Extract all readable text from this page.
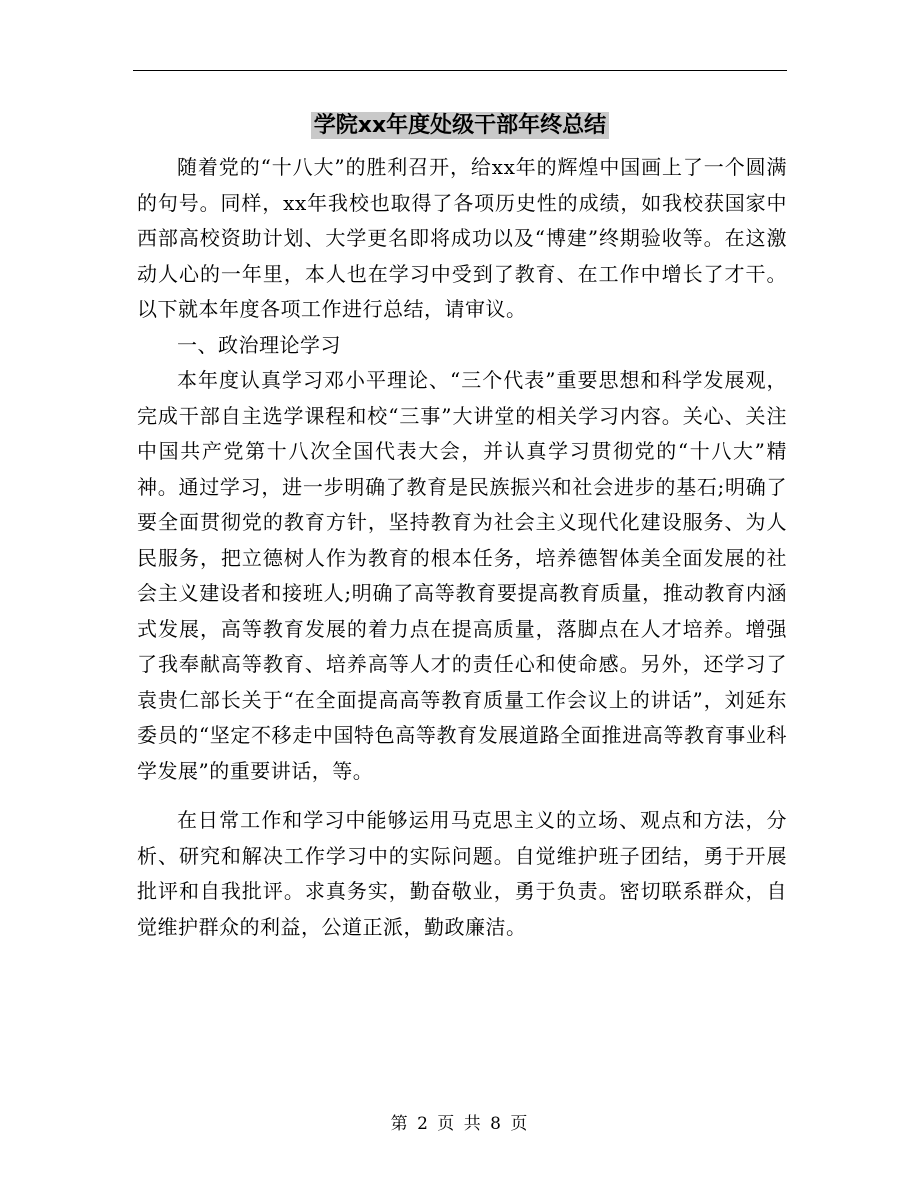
学院xx年度处级干部年终总结

随着党的“十八大”的胜利召开，给xx年的辉煌中国画上了一个圆满的句号。同样，xx年我校也取得了各项历史性的成绩，如我校获国家中西部高校资助计划、大学更名即将成功以及“博建”终期验收等。在这激动人心的一年里，本人也在学习中受到了教育、在工作中增长了才干。以下就本年度各项工作进行总结，请审议。

一、政治理论学习

本年度认真学习邓小平理论、“三个代表”重要思想和科学发展观，完成干部自主选学课程和校“三事”大讲堂的相关学习内容。关心、关注中国共产党第十八次全国代表大会，并认真学习贯彻党的“十八大”精神。通过学习，进一步明确了教育是民族振兴和社会进步的基石;明确了要全面贯彻党的教育方针，坚持教育为社会主义现代化建设服务、为人民服务，把立德树人作为教育的根本任务，培养德智体美全面发展的社会主义建设者和接班人;明确了高等教育要提高教育质量，推动教育内涵式发展，高等教育发展的着力点在提高质量，落脚点在人才培养。增强了我奉献高等教育、培养高等人才的责任心和使命感。另外，还学习了袁贵仁部长关于“在全面提高高等教育质量工作会议上的讲话”，刘延东委员的“坚定不移走中国特色高等教育发展道路全面推进高等教育事业科学发展”的重要讲话，等。

在日常工作和学习中能够运用马克思主义的立场、观点和方法，分析、研究和解决工作学习中的实际问题。自觉维护班子团结，勇于开展批评和自我批评。求真务实，勤奋敬业，勇于负责。密切联系群众，自觉维护群众的利益，公道正派，勤政廉洁。

第 2 页 共 8 页
